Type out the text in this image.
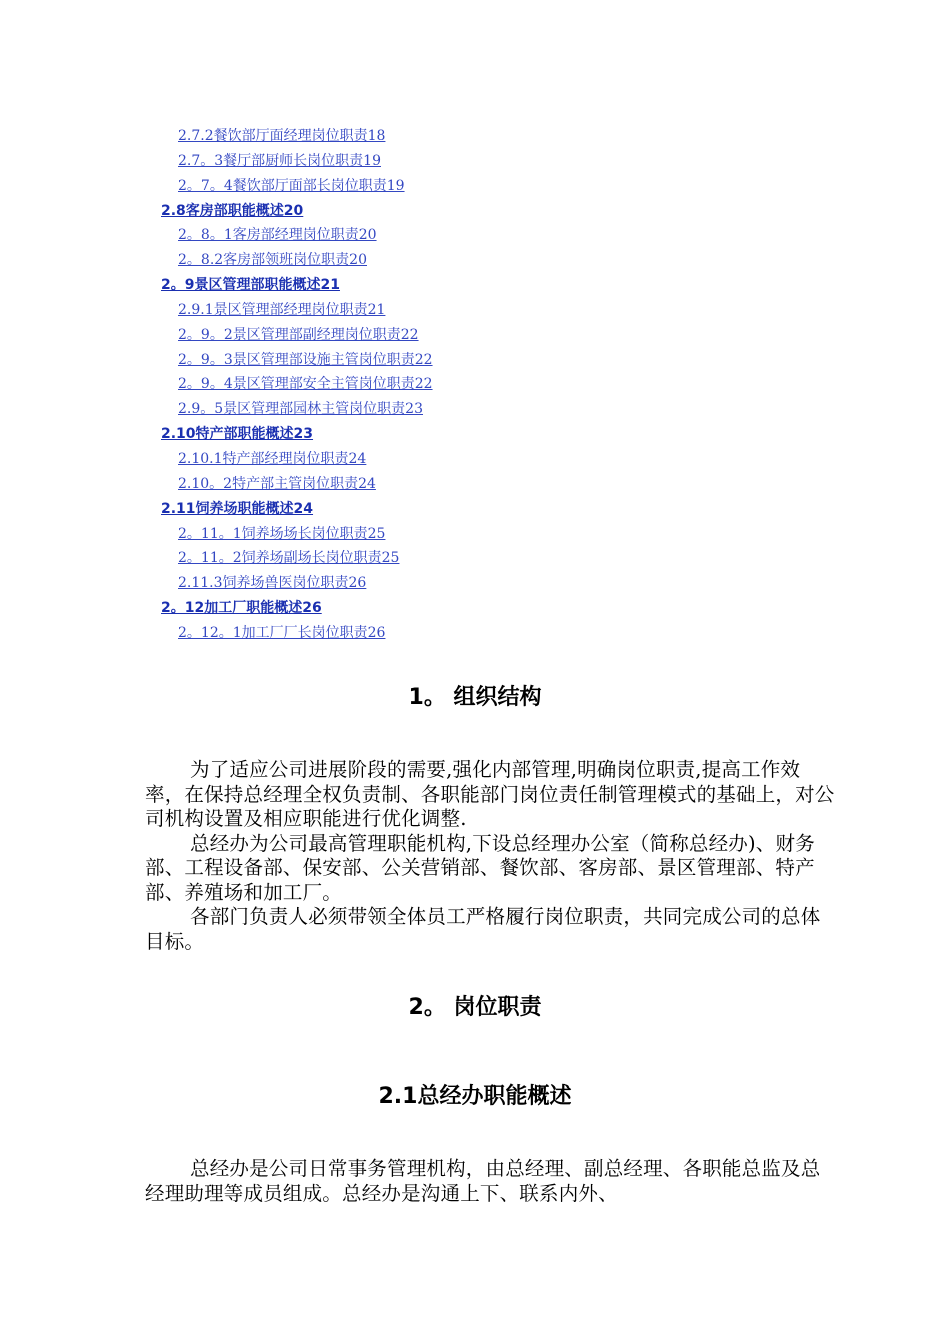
2.7.2餐饮部厅面经理岗位职责18
2.7。3餐厅部厨师长岗位职责19
2。7。4餐饮部厅面部长岗位职责19
2.8客房部职能概述20
2。8。1客房部经理岗位职责20
2。8.2客房部领班岗位职责20
2。9景区管理部职能概述21
2.9.1景区管理部经理岗位职责21
2。9。2景区管理部副经理岗位职责22
2。9。3景区管理部设施主管岗位职责22
2。9。4景区管理部安全主管岗位职责22
2.9。5景区管理部园林主管岗位职责23
2.10特产部职能概述23
2.10.1特产部经理岗位职责24
2.10。2特产部主管岗位职责24
2.11饲养场职能概述24
2。11。1饲养场场长岗位职责25
2。11。2饲养场副场长岗位职责25
2.11.3饲养场兽医岗位职责26
2。12加工厂职能概述26
2。12。1加工厂厂长岗位职责26
1。 组织结构

为了适应公司进展阶段的需要,强化内部管理,明确岗位职责,提高工作效率，在保持总经理全权负责制、各职能部门岗位责任制管理模式的基础上，对公司机构设置及相应职能进行优化调整.

总经办为公司最高管理职能机构,下设总经理办公室（简称总经办)、财务部、工程设备部、保安部、公关营销部、餐饮部、客房部、景区管理部、特产部、养殖场和加工厂。

各部门负责人必须带领全体员工严格履行岗位职责，共同完成公司的总体目标。

2。 岗位职责
2.1总经办职能概述

总经办是公司日常事务管理机构，由总经理、副总经理、各职能总监及总经理助理等成员组成。总经办是沟通上下、联系内外、
